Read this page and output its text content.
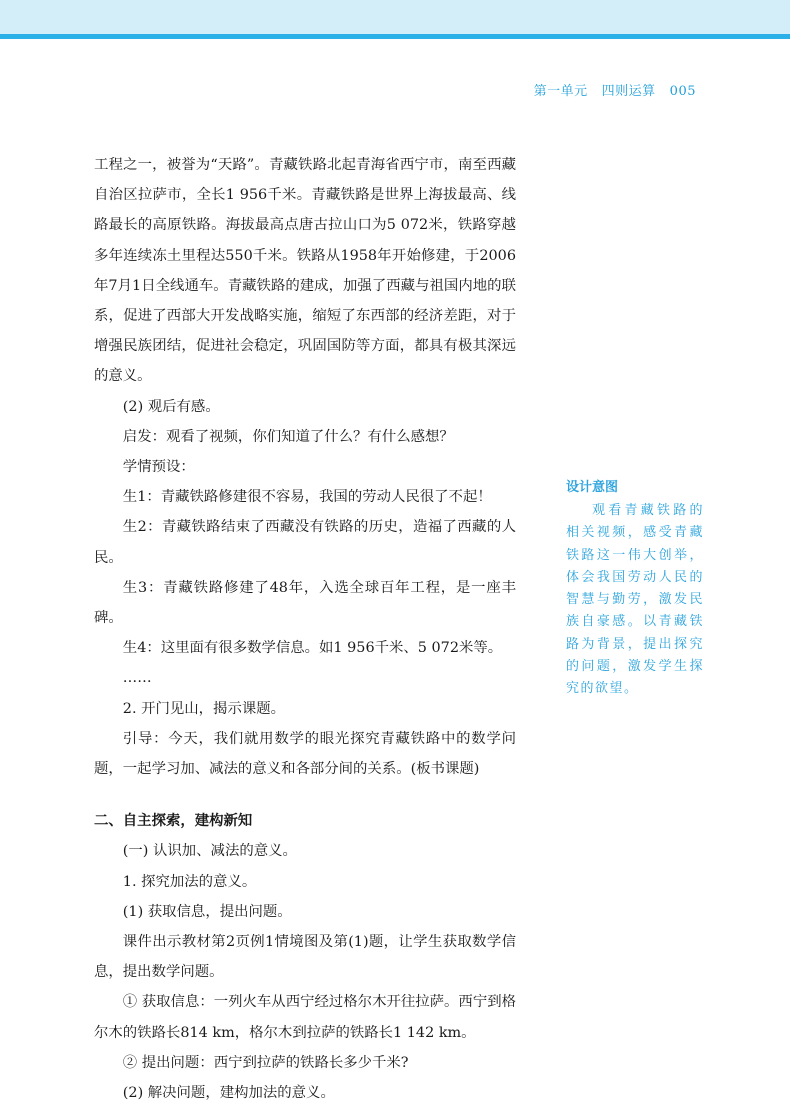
第一单元 四则运算 005

工程之一，被誉为“天路”。青藏铁路北起青海省西宁市，南至西藏自治区拉萨市，全长1 956千米。青藏铁路是世界上海拔最高、线路最长的高原铁路。海拔最高点唐古拉山口为5 072米，铁路穿越多年连续冻土里程达550千米。铁路从1958年开始修建，于2006年7月1日全线通车。青藏铁路的建成，加强了西藏与祖国内地的联系，促进了西部大开发战略实施，缩短了东西部的经济差距，对于增强民族团结，促进社会稳定，巩固国防等方面，都具有极其深远的意义。

(2) 观后有感。

启发：观看了视频，你们知道了什么？有什么感想？

学情预设：

生1：青藏铁路修建很不容易，我国的劳动人民很了不起！

生2：青藏铁路结束了西藏没有铁路的历史，造福了西藏的人民。

生3：青藏铁路修建了48年，入选全球百年工程，是一座丰碑。

生4：这里面有很多数学信息。如1 956千米、5 072米等。

……

2. 开门见山，揭示课题。

引导：今天，我们就用数学的眼光探究青藏铁路中的数学问题，一起学习加、减法的意义和各部分间的关系。(板书课题)

二、自主探索，建构新知

(一) 认识加、减法的意义。

1. 探究加法的意义。

(1) 获取信息，提出问题。

课件出示教材第2页例1情境图及第(1)题，让学生获取数学信息，提出数学问题。

① 获取信息：一列火车从西宁经过格尔木开往拉萨。西宁到格尔木的铁路长814 km，格尔木到拉萨的铁路长1 142 km。

② 提出问题：西宁到拉萨的铁路长多少千米?

(2) 解决问题，建构加法的意义。

设计意图

观看青藏铁路的相关视频，感受青藏铁路这一伟大创举，体会我国劳动人民的智慧与勤劳，激发民族自豪感。以青藏铁路为背景，提出探究的问题，激发学生探究的欲望。
